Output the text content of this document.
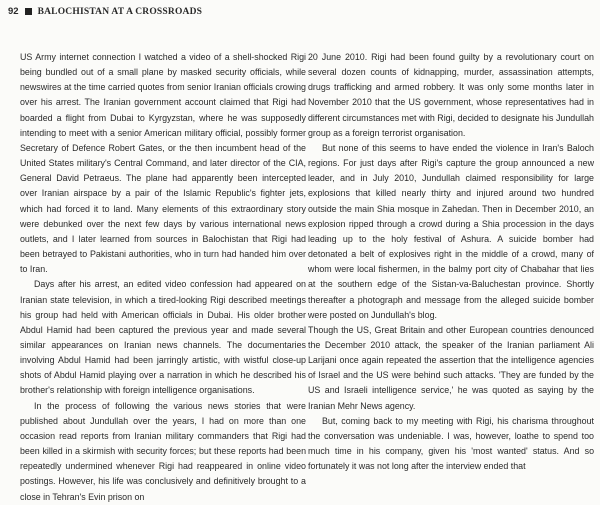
92 BALOCHISTAN AT A CROSSROADS

US Army internet connection I watched a video of a shell-shocked Rigi being bundled out of a small plane by masked security officials, while newswires at the time carried quotes from senior Iranian officials crowing over his arrest. The Iranian government account claimed that Rigi had boarded a flight from Dubai to Kyrgyzstan, where he was supposedly intending to meet with a senior American military official, possibly former Secretary of Defence Robert Gates, or the then incumbent head of the United States military's Central Command, and later director of the CIA, General David Petraeus. The plane had apparently been intercepted over Iranian airspace by a pair of the Islamic Republic's fighter jets, which had forced it to land. Many elements of this extraordinary story were debunked over the next few days by various international news outlets, and I later learned from sources in Balochistan that Rigi had been betrayed to Pakistani authorities, who in turn had handed him over to Iran.

Days after his arrest, an edited video confession had appeared on Iranian state television, in which a tired-looking Rigi described meetings his group had held with American officials in Dubai. His older brother Abdul Hamid had been captured the previous year and made several similar appearances on Iranian news channels. The documentaries involving Abdul Hamid had been jarringly artistic, with wistful close-up shots of Abdul Hamid playing over a narration in which he described his brother's relationship with foreign intelligence organisations.

In the process of following the various news stories that were published about Jundullah over the years, I had on more than one occasion read reports from Iranian military commanders that Rigi had been killed in a skirmish with security forces; but these reports had been repeatedly undermined whenever Rigi had reappeared in online video postings. However, his life was conclusively and definitively brought to a close in Tehran's Evin prison on

20 June 2010. Rigi had been found guilty by a revolutionary court on several dozen counts of kidnapping, murder, assassination attempts, drugs trafficking and armed robbery. It was only some months later in November 2010 that the US government, whose representatives had in different circumstances met with Rigi, decided to designate his Jundullah group as a foreign terrorist organisation.

But none of this seems to have ended the violence in Iran's Baloch regions. For just days after Rigi's capture the group announced a new leader, and in July 2010, Jundullah claimed responsibility for large explosions that killed nearly thirty and injured around two hundred outside the main Shia mosque in Zahedan. Then in December 2010, an explosion ripped through a crowd during a Shia procession in the days leading up to the holy festival of Ashura. A suicide bomber had detonated a belt of explosives right in the middle of a crowd, many of whom were local fishermen, in the balmy port city of Chabahar that lies at the southern edge of the Sistan-va-Baluchestan province. Shortly thereafter a photograph and message from the alleged suicide bomber were posted on Jundullah's blog.

Though the US, Great Britain and other European countries denounced the December 2010 attack, the speaker of the Iranian parliament Ali Larijani once again repeated the assertion that the intelligence agencies of Israel and the US were behind such attacks. 'They are funded by the US and Israeli intelligence service,' he was quoted as saying by the Iranian Mehr News agency.

But, coming back to my meeting with Rigi, his charisma throughout the conversation was undeniable. I was, however, loathe to spend too much time in his company, given his 'most wanted' status. And so fortunately it was not long after the interview ended that
